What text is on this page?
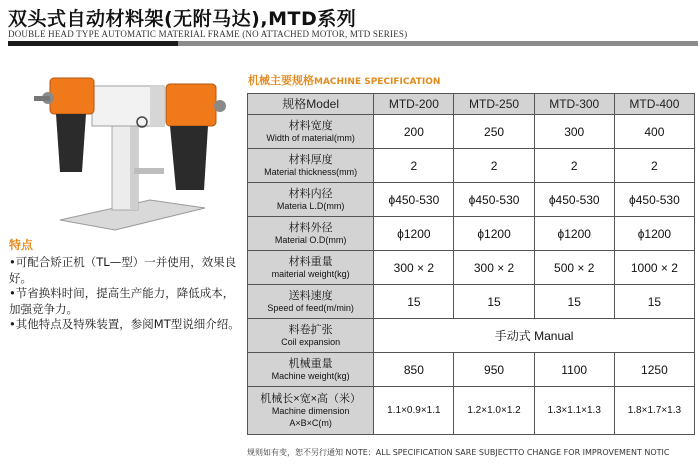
双头式自动材料架(无附马达),MTD系列
DOUBLE HEAD TYPE AUTOMATIC MATERIAL FRAME (NO ATTACHED MOTOR, MTD SERIES)
特点
•可配合矫正机（TL—型）一并使用，效果良好。
•节省换料时间，提高生产能力，降低成本，加强竞争力。
•其他特点及特殊装置，参阅MT型说细介绍。
机械主要规格MACHINE SPECIFICATION
规格Model	MTD-200	MTD-250	MTD-300	MTD-400

材料宽度
Width of material(mm)	200	250	300	400

材料厚度
Material thickness(mm)	2	2	2	2

材料内径
Materia L.D(mm)	ϕ450-530	ϕ450-530	ϕ450-530	ϕ450-530

材料外径
Material O.D(mm)	ϕ1200	ϕ1200	ϕ1200	ϕ1200

材料重量
maiterial weight(kg)	300 × 2	300 × 2	500 × 2	1000 × 2

送料速度
Speed of feed(m/min)	15	15	15	15

料卷扩张
Coil expansion	手动式 Manual			

机械重量
Machine weight(kg)	850	950	1100	1250

机械长×宽×高（米）
Machine dimension
A×B×C(m)	1.1×0.9×1.1	1.2×1.0×1.2	1.3×1.1×1.3	1.8×1.7×1.3
规则如有变，恕不另行通知 NOTE：ALL SPECIFICATION SARE SUBJECTTO CHANGE FOR IMPROVEMENT NOTIC
